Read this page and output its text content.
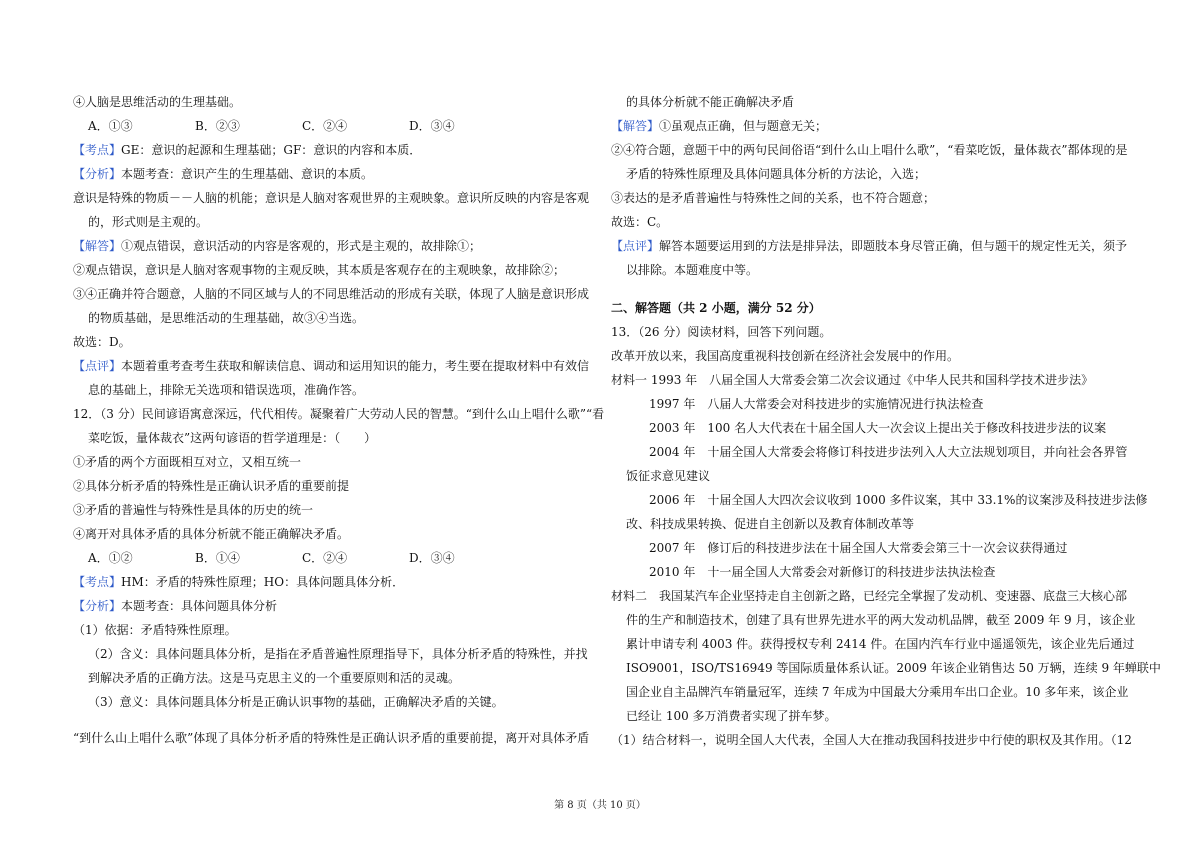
④人脑是思维活动的生理基础。
A．①③	B．②③	C．②④	D．③④
【考点】GE：意识的起源和生理基础；GF：意识的内容和本质．
【分析】本题考查：意识产生的生理基础、意识的本质。
意识是特殊的物质－－人脑的机能；意识是人脑对客观世界的主观映象。意识所反映的内容是客观
的，形式则是主观的。
【解答】①观点错误，意识活动的内容是客观的，形式是主观的，故排除①；
②观点错误，意识是人脑对客观事物的主观反映，其本质是客观存在的主观映象，故排除②；
③④正确并符合题意，人脑的不同区域与人的不同思维活动的形成有关联，体现了人脑是意识形成
的物质基础，是思维活动的生理基础，故③④当选。
故选：D。
【点评】本题着重考查考生获取和解读信息、调动和运用知识的能力，考生要在提取材料中有效信
息的基础上，排除无关选项和错误选项，准确作答。
12．（3 分）民间谚语寓意深远，代代相传。凝聚着广大劳动人民的智慧。“到什么山上唱什么歌”“看
菜吃饭，量体裁衣”这两句谚语的哲学道理是：（　　）
①矛盾的两个方面既相互对立，又相互统一
②具体分析矛盾的特殊性是正确认识矛盾的重要前提
③矛盾的普遍性与特殊性是具体的历史的统一
④离开对具体矛盾的具体分析就不能正确解决矛盾。
A．①②	B．①④	C．②④	D．③④
【考点】HM：矛盾的特殊性原理；HO：具体问题具体分析．
【分析】本题考查：具体问题具体分析
（1）依据：矛盾特殊性原理。
（2）含义：具体问题具体分析，是指在矛盾普遍性原理指导下，具体分析矛盾的特殊性，并找
到解决矛盾的正确方法。这是马克思主义的一个重要原则和活的灵魂。
（3）意义：具体问题具体分析是正确认识事物的基础，正确解决矛盾的关键。
“到什么山上唱什么歌”体现了具体分析矛盾的特殊性是正确认识矛盾的重要前提，离开对具体矛盾
的具体分析就不能正确解决矛盾
【解答】①虽观点正确，但与题意无关；
②④符合题，意题干中的两句民间俗语“到什么山上唱什么歌”，“看菜吃饭，量体裁衣”都体现的是
矛盾的特殊性原理及具体问题具体分析的方法论，入选；
③表达的是矛盾普遍性与特殊性之间的关系，也不符合题意；
故选：C。
【点评】解答本题要运用到的方法是排异法，即题肢本身尽管正确，但与题干的规定性无关，须予
以排除。本题难度中等。
二、解答题（共 2 小题，满分 52 分）
13．（26 分）阅读材料，回答下列问题。
改革开放以来，我国高度重视科技创新在经济社会发展中的作用。
材料一 1993 年　八届全国人大常委会第二次会议通过《中华人民共和国科学技术进步法》
1997 年　八届人大常委会对科技进步的实施情况进行执法检查
2003 年　100 名人大代表在十届全国人大一次会议上提出关于修改科技进步法的议案
2004 年　十届全国人大常委会将修订科技进步法列入人大立法规划项目，并向社会各界管
饭征求意见建议
2006 年　十届全国人大四次会议收到 1000 多件议案，其中 33.1%的议案涉及科技进步法修
改、科技成果转换、促进自主创新以及教育体制改革等
2007 年　修订后的科技进步法在十届全国人大常委会第三十一次会议获得通过
2010 年　十一届全国人大常委会对新修订的科技进步法执法检查
材料二　我国某汽车企业坚持走自主创新之路，已经完全掌握了发动机、变速器、底盘三大核心部
件的生产和制造技术，创建了具有世界先进水平的两大发动机品牌，截至 2009 年 9 月，该企业
累计申请专利 4003 件。获得授权专利 2414 件。在国内汽车行业中遥遥领先，该企业先后通过
ISO9001，ISO/TS16949 等国际质量体系认证。2009 年该企业销售达 50 万辆，连续 9 年蝉联中
国企业自主品牌汽车销量冠军，连续 7 年成为中国最大分乘用车出口企业。10 多年来，该企业
已经让 100 多万消费者实现了拼车梦。
（1）结合材料一，说明全国人大代表，全国人大在推动我国科技进步中行使的职权及其作用。（12
第 8 页（共 10 页）
